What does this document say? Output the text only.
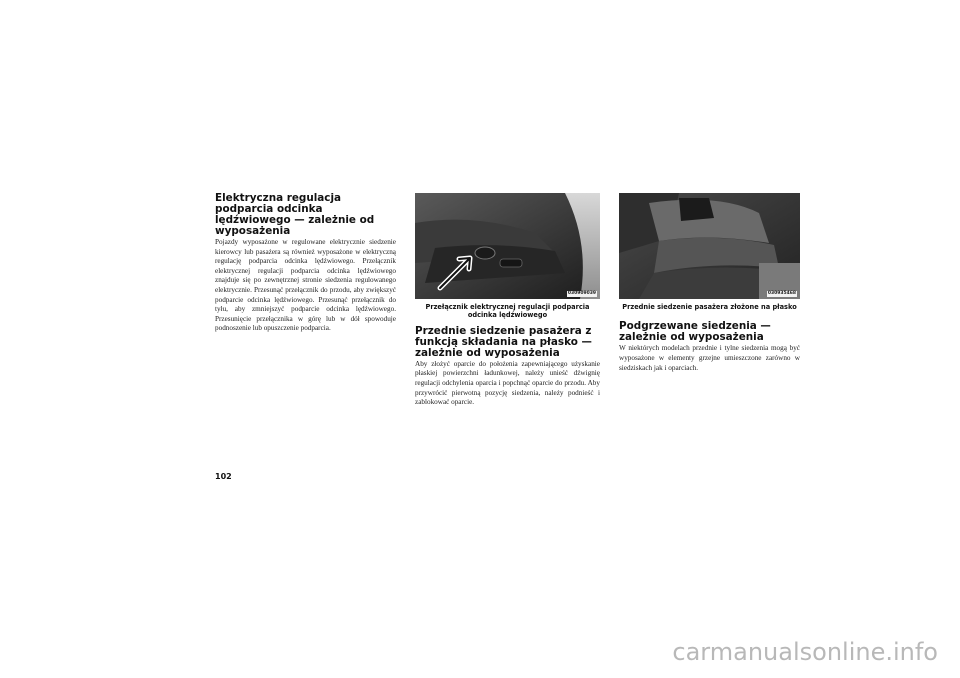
Elektryczna regulacja podparcia odcinka lędźwiowego — zależnie od wyposażenia

Pojazdy wyposażone w regulowane elektrycznie siedzenie kierowcy lub pasażera są również wyposażone w elektryczną regulację podparcia odcinka lędźwiowego. Przełącznik elektrycznej regulacji podparcia odcinka lędźwiowego znajduje się po zewnętrznej stronie siedzenia regulowanego elektrycznie. Przesunąć przełącznik do przodu, aby zwiększyć podparcie odcinka lędźwiowego. Przesunąć przełącznik do tyłu, aby zmniejszyć podparcie odcinka lędźwiowego. Przesunięcie przełącznika w górę lub w dół spowoduje podnoszenie lub opuszczenie podparcia.

030909039
Przełącznik elektrycznej regulacji podparcia odcinka lędźwiowego
Przednie siedzenie pasażera z funkcją składania na płasko — zależnie od wyposażenia

Aby złożyć oparcie do położenia zapewniającego użyskanie płaskiej powierzchni ładunkowej, należy unieść dźwignię regulacji odchylenia oparcia i popchnąć oparcie do przodu. Aby przywrócić pierwotną pozycję siedzenia, należy podnieść i zablokować oparcie.

030935468
Przednie siedzenie pasażera złożone na płasko
Podgrzewane siedzenia — zależnie od wyposażenia

W niektórych modelach przednie i tylne siedzenia mogą być wyposażone w elementy grzejne umieszczone zarówno w siedziskach jak i oparciach.

102
carmanualsonline.info
